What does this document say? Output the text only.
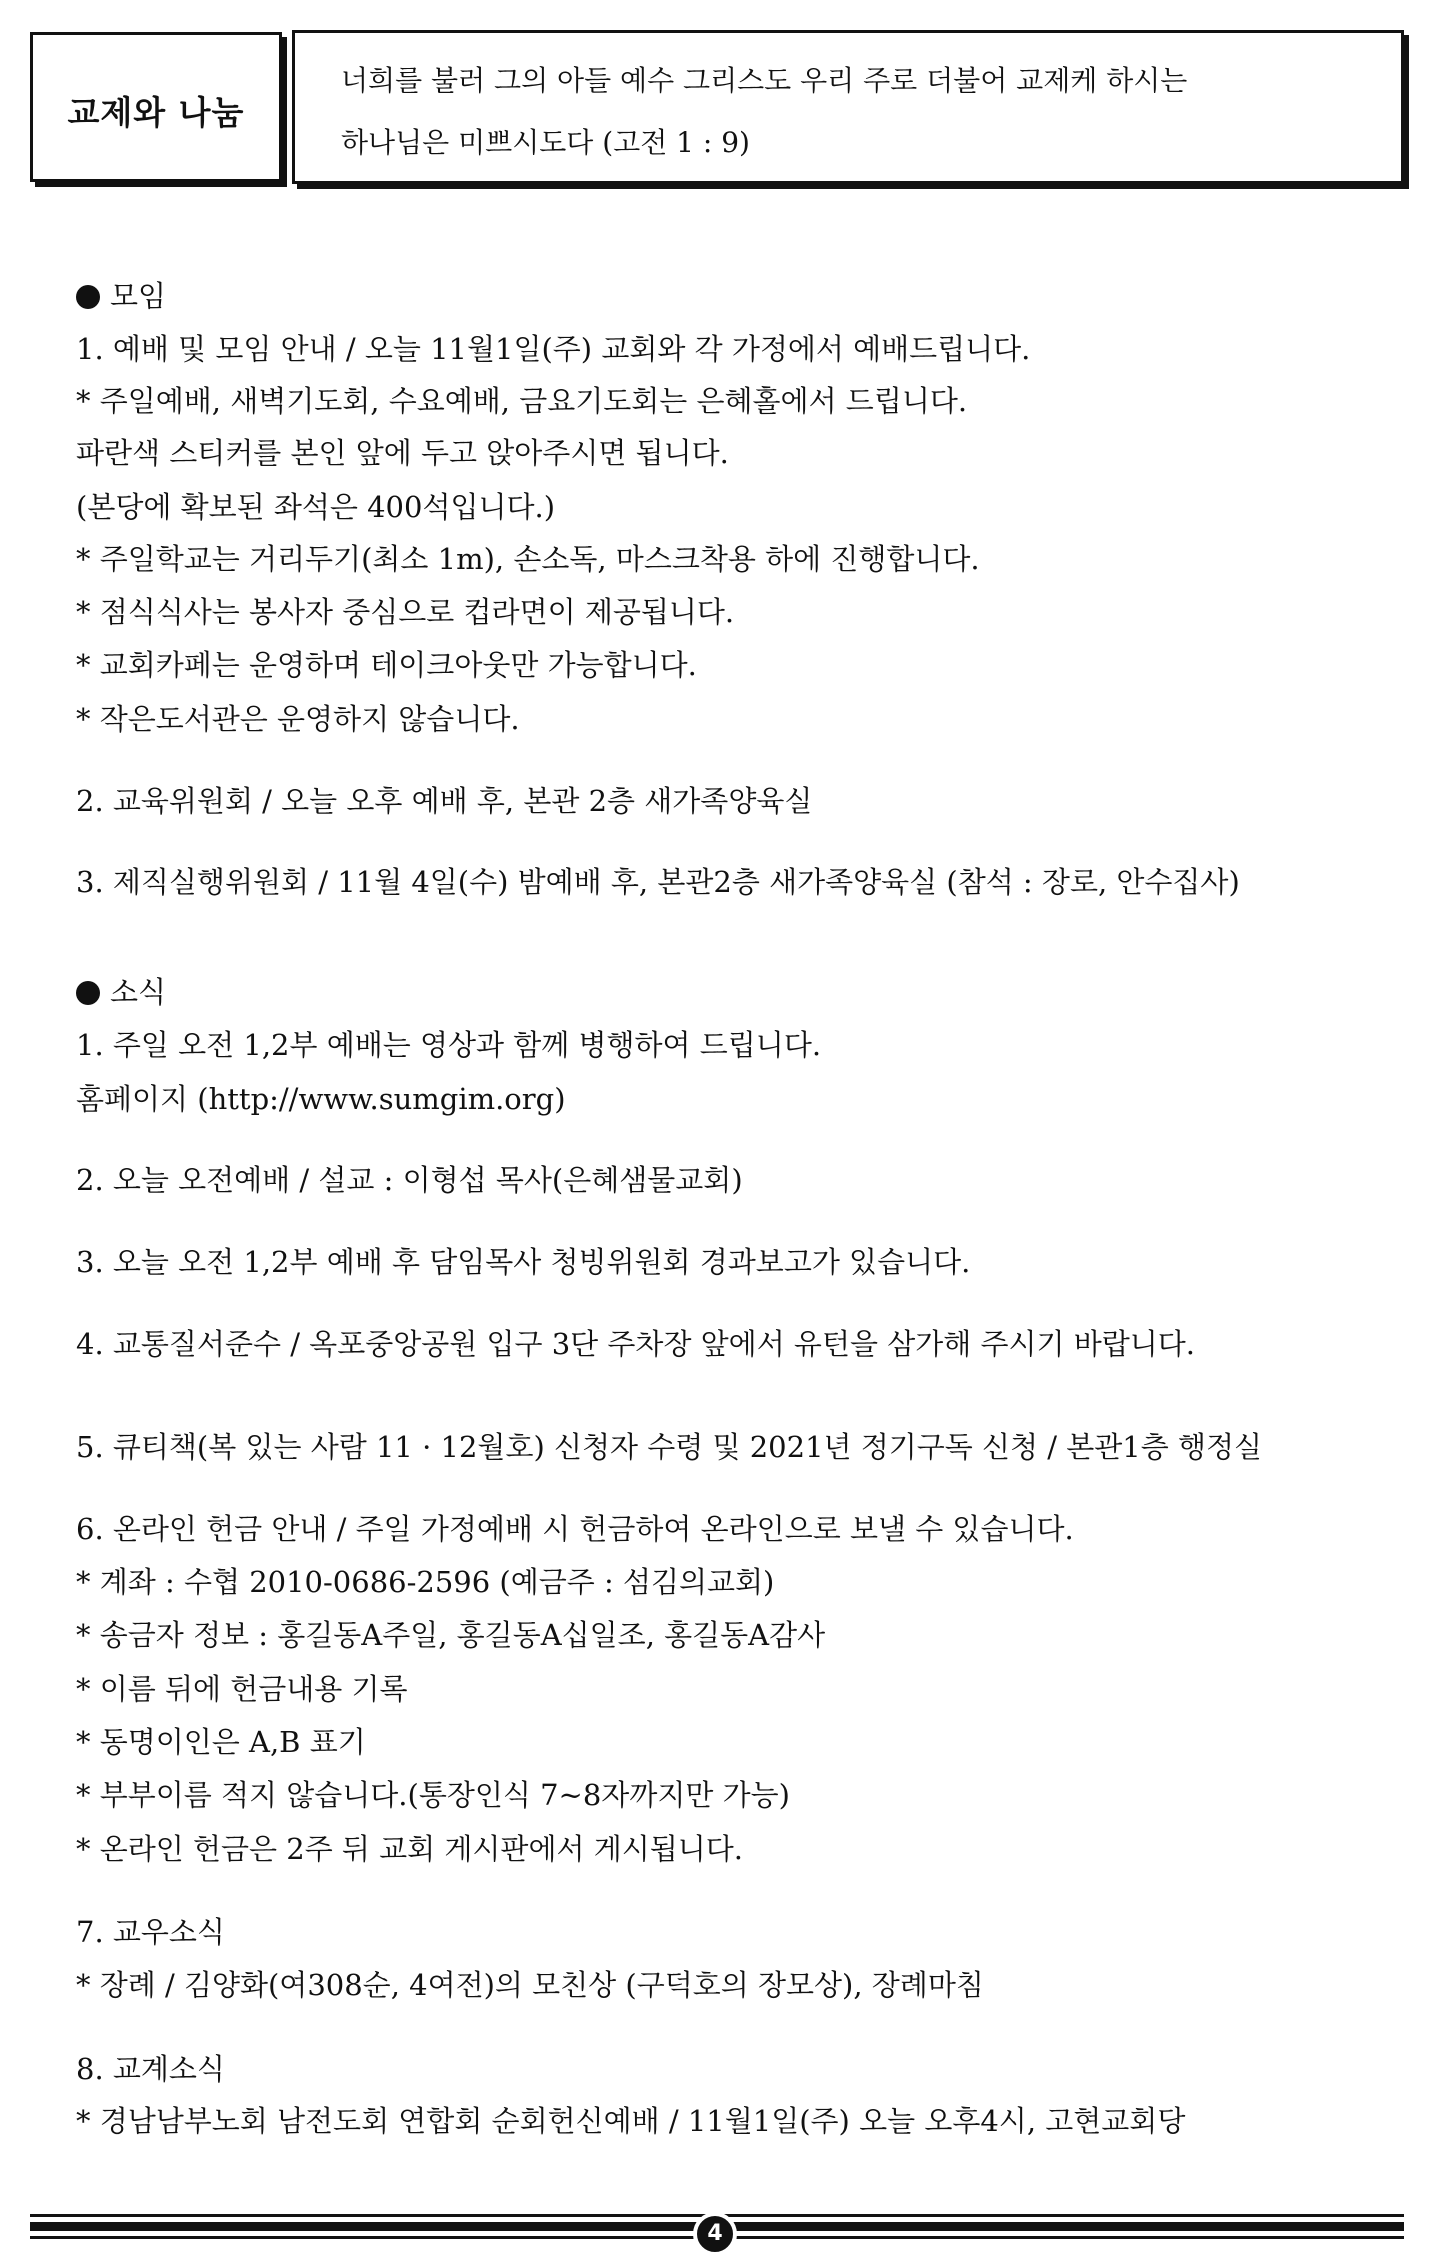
교제와 나눔
너희를 불러 그의 아들 예수 그리스도 우리 주로 더불어 교제케 하시는
하나님은 미쁘시도다 (고전 1 : 9)
모임
1. 예배 및 모임 안내 / 오늘 11월1일(주) 교회와 각 가정에서 예배드립니다.
* 주일예배, 새벽기도회, 수요예배, 금요기도회는 은혜홀에서 드립니다.
파란색 스티커를 본인 앞에 두고 앉아주시면 됩니다.
(본당에 확보된 좌석은 400석입니다.)
* 주일학교는 거리두기(최소 1m), 손소독, 마스크착용 하에 진행합니다.
* 점식식사는 봉사자 중심으로 컵라면이 제공됩니다.
* 교회카페는 운영하며 테이크아웃만 가능합니다.
* 작은도서관은 운영하지 않습니다.
2. 교육위원회 / 오늘 오후 예배 후, 본관 2층 새가족양육실
3. 제직실행위원회 / 11월 4일(수) 밤예배 후, 본관2층 새가족양육실 (참석 : 장로, 안수집사)
소식
1. 주일 오전 1,2부 예배는 영상과 함께 병행하여 드립니다.
홈페이지 (http://www.sumgim.org)
2. 오늘 오전예배 / 설교 : 이형섭 목사(은혜샘물교회)
3. 오늘 오전 1,2부 예배 후 담임목사 청빙위원회 경과보고가 있습니다.
4. 교통질서준수 / 옥포중앙공원 입구 3단 주차장 앞에서 유턴을 삼가해 주시기 바랍니다.
5. 큐티책(복 있는 사람 11 · 12월호) 신청자 수령 및 2021년 정기구독 신청 / 본관1층 행정실
6. 온라인 헌금 안내 / 주일 가정예배 시 헌금하여 온라인으로 보낼 수 있습니다.
* 계좌 : 수협 2010-0686-2596 (예금주 : 섬김의교회)
* 송금자 정보 : 홍길동A주일, 홍길동A십일조, 홍길동A감사
* 이름 뒤에 헌금내용 기록
* 동명이인은 A,B 표기
* 부부이름 적지 않습니다.(통장인식 7~8자까지만 가능)
* 온라인 헌금은 2주 뒤 교회 게시판에서 게시됩니다.
7. 교우소식
* 장례 / 김양화(여308순, 4여전)의 모친상 (구덕호의 장모상), 장례마침
8. 교계소식
* 경남남부노회 남전도회 연합회 순회헌신예배 / 11월1일(주) 오늘 오후4시, 고현교회당
4
